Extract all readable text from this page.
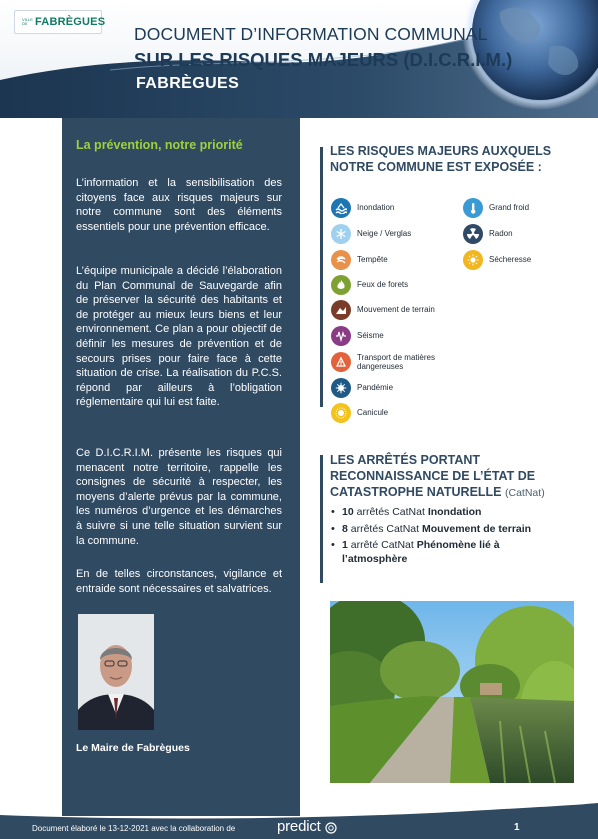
VILLE DE FABRÈGUES
DOCUMENT D’INFORMATION COMMUNAL
SUR LES RISQUES MAJEURS (D.I.C.R.I.M.)
FABRÈGUES
La prévention, notre priorité

L’information et la sensibilisation des citoyens face aux risques majeurs sur notre commune sont des éléments essentiels pour une prévention efficace.

L’équipe municipale a décidé l’élaboration du Plan Communal de Sauvegarde afin de préserver la sécurité des habitants et de protéger au mieux leurs biens et leur environnement. Ce plan a pour objectif de définir les mesures de prévention et de secours prises pour faire face à cette situation de crise. La réalisation du P.C.S. répond par ailleurs à l’obligation réglementaire qui lui est faite.

Ce D.I.C.R.I.M. présente les risques qui menacent notre territoire, rappelle les consignes de sécurité à respecter, les moyens d’alerte prévus par la commune, les numéros d’urgence et les démarches à suivre si une telle situation survient sur la commune.

En de telles circonstances, vigilance et entraide sont nécessaires et salvatrices.

Le Maire de Fabrègues
LES RISQUES MAJEURS AUXQUELS NOTRE COMMUNE EST EXPOSÉE :
Inondation	Grand froid
Neige / Verglas	Radon
Tempête	Sécheresse
Feux de forets
Mouvement de terrain
Séisme
Transport de matières dangereuses
Pandémie
Canicule
LES ARRÊTÉS PORTANT RECONNAISSANCE DE L’ÉTAT DE CATASTROPHE NATURELLE (CatNat)
• 10 arrêtés CatNat Inondation
• 8 arrêtés CatNat Mouvement de terrain
• 1 arrêté CatNat Phénomène lié à l’atmosphère
Document élaboré le 13-12-2021 avec la collaboration de	predict	1
